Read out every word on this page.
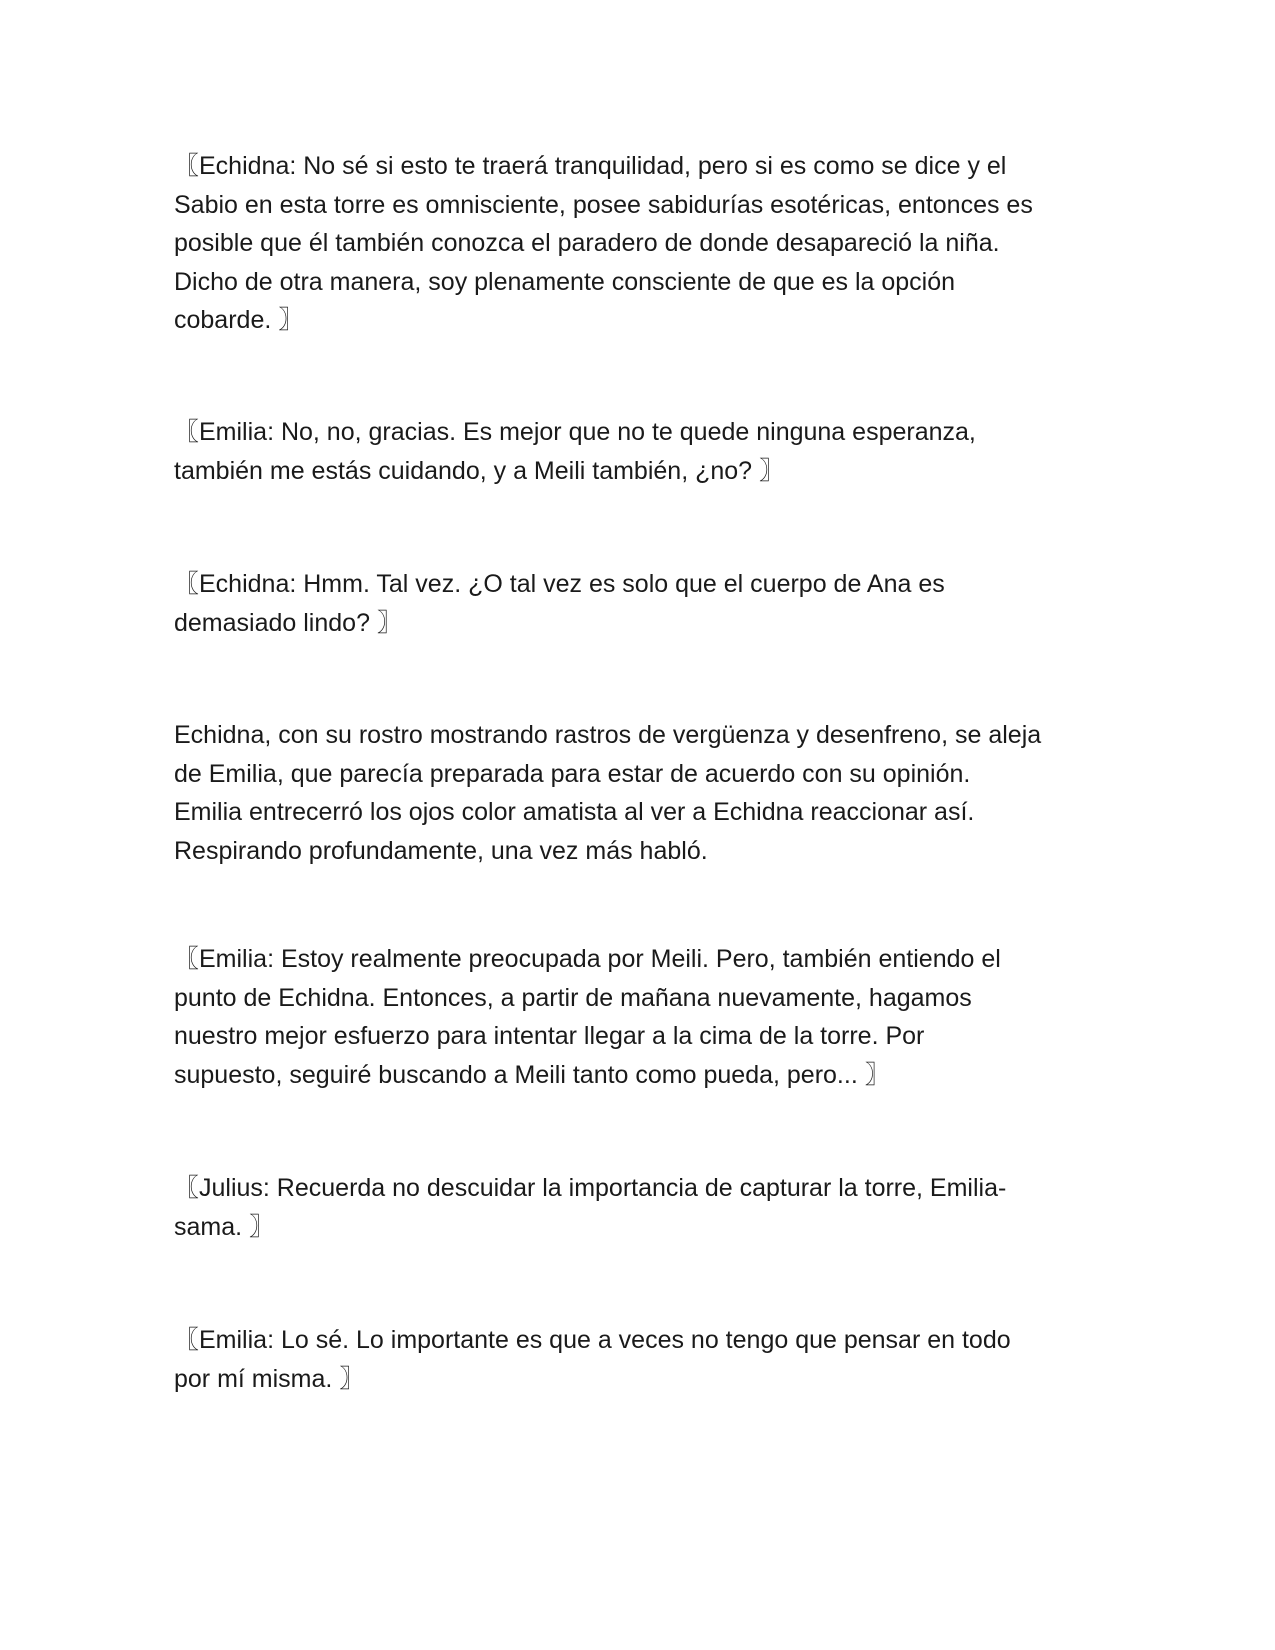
〖Echidna: No sé si esto te traerá tranquilidad, pero si es como se dice y el
Sabio en esta torre es omnisciente, posee sabidurías esotéricas, entonces es
posible que él también conozca el paradero de donde desapareció la niña.
Dicho de otra manera, soy plenamente consciente de que es la opción
cobarde. 〗

〖Emilia: No, no, gracias. Es mejor que no te quede ninguna esperanza,
también me estás cuidando, y a Meili también, ¿no? 〗

〖Echidna: Hmm. Tal vez. ¿O tal vez es solo que el cuerpo de Ana es
demasiado lindo? 〗

Echidna, con su rostro mostrando rastros de vergüenza y desenfreno, se aleja
de Emilia, que parecía preparada para estar de acuerdo con su opinión.
Emilia entrecerró los ojos color amatista al ver a Echidna reaccionar así.
Respirando profundamente, una vez más habló.

〖Emilia: Estoy realmente preocupada por Meili. Pero, también entiendo el
punto de Echidna. Entonces, a partir de mañana nuevamente, hagamos
nuestro mejor esfuerzo para intentar llegar a la cima de la torre. Por
supuesto, seguiré buscando a Meili tanto como pueda, pero... 〗

〖Julius: Recuerda no descuidar la importancia de capturar la torre, Emilia-
sama. 〗

〖Emilia: Lo sé. Lo importante es que a veces no tengo que pensar en todo
por mí misma. 〗
